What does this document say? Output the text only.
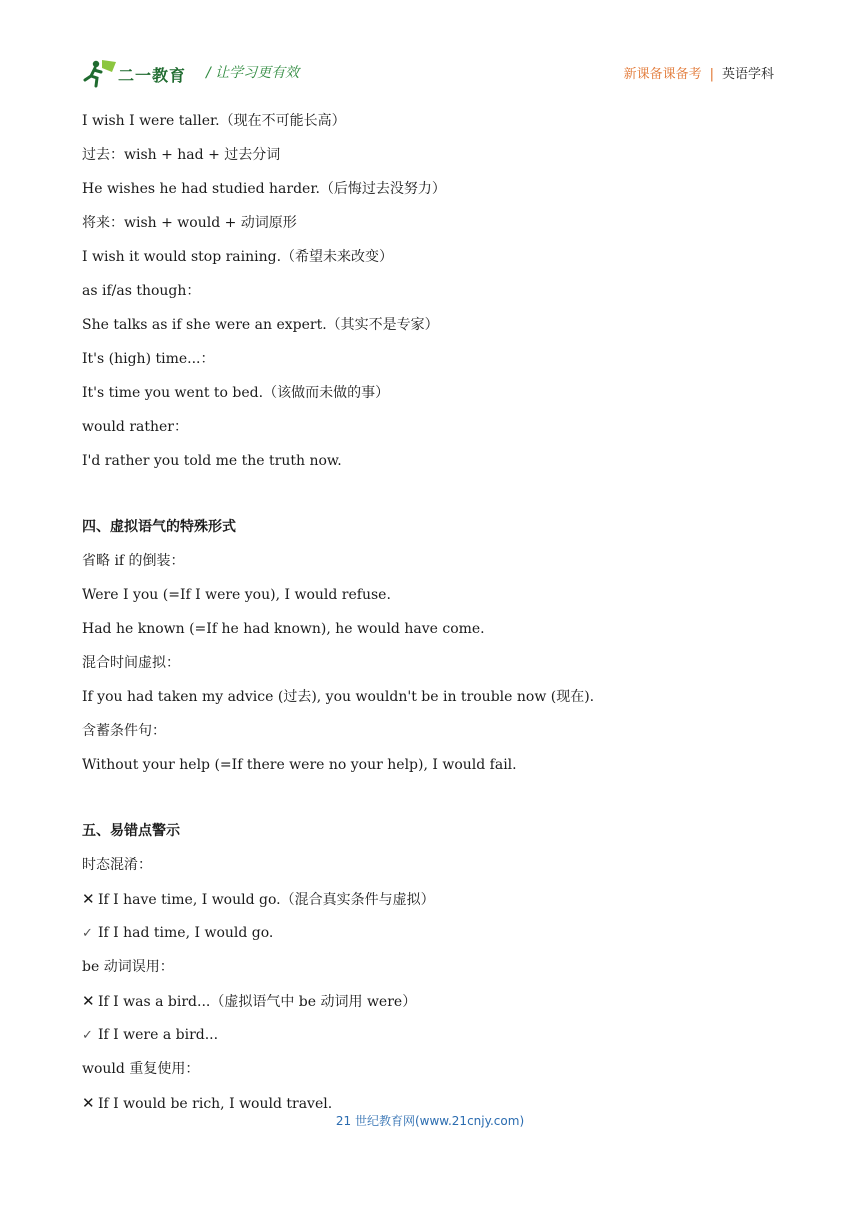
二一教育 / 让学习更有效	新课备课备考 | 英语学科
I wish I were taller.（现在不可能长高）
过去：wish + had + 过去分词
He wishes he had studied harder.（后悔过去没努力）
将来：wish + would + 动词原形
I wish it would stop raining.（希望未来改变）
as if/as though：
She talks as if she were an expert.（其实不是专家）
It's (high) time...：
It's time you went to bed.（该做而未做的事）
would rather：
I'd rather you told me the truth now.
四、虚拟语气的特殊形式
省略 if 的倒装：
Were I you (=If I were you), I would refuse.
Had he known (=If he had known), he would have come.
混合时间虚拟：
If you had taken my advice (过去), you wouldn't be in trouble now (现在).
含蓄条件句：
Without your help (=If there were no your help), I would fail.
五、易错点警示
时态混淆：
✕ If I have time, I would go.（混合真实条件与虚拟）
✓ If I had time, I would go.
be 动词误用：
✕ If I was a bird...（虚拟语气中 be 动词用 were）
✓ If I were a bird...
would 重复使用：
✕ If I would be rich, I would travel.
21 世纪教育网(www.21cnjy.com)
